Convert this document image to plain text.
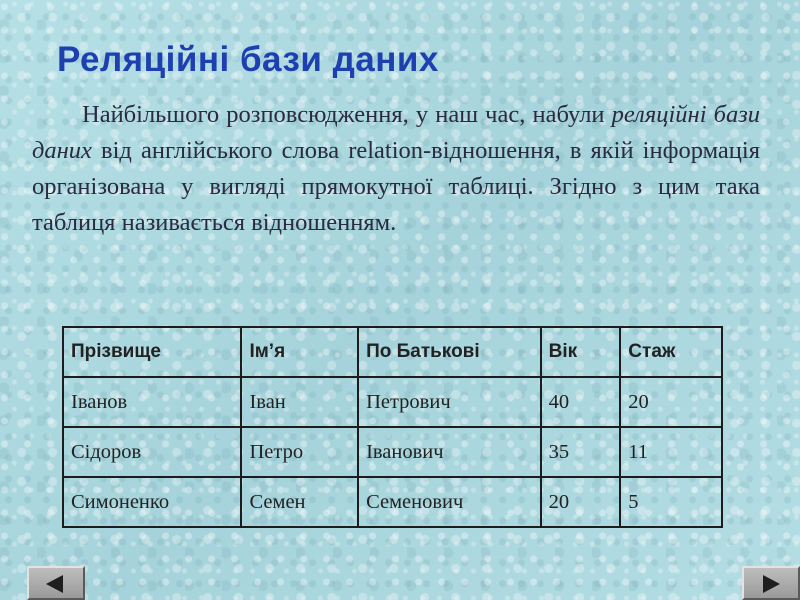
Реляційні бази даних

Найбільшого розповсюдження, у наш час, набули реляційні бази даних від англійського слова relation-відношення, в якій інформація організована у вигляді прямокутної таблиці. Згідно з цим така таблиця називається відношенням.

Прізвище	Ім’я	По Батькові	Вік	Стаж
Іванов	Іван	Петрович	40	20
Сідоров	Петро	Іванович	35	11
Симоненко	Семен	Семенович	20	5
